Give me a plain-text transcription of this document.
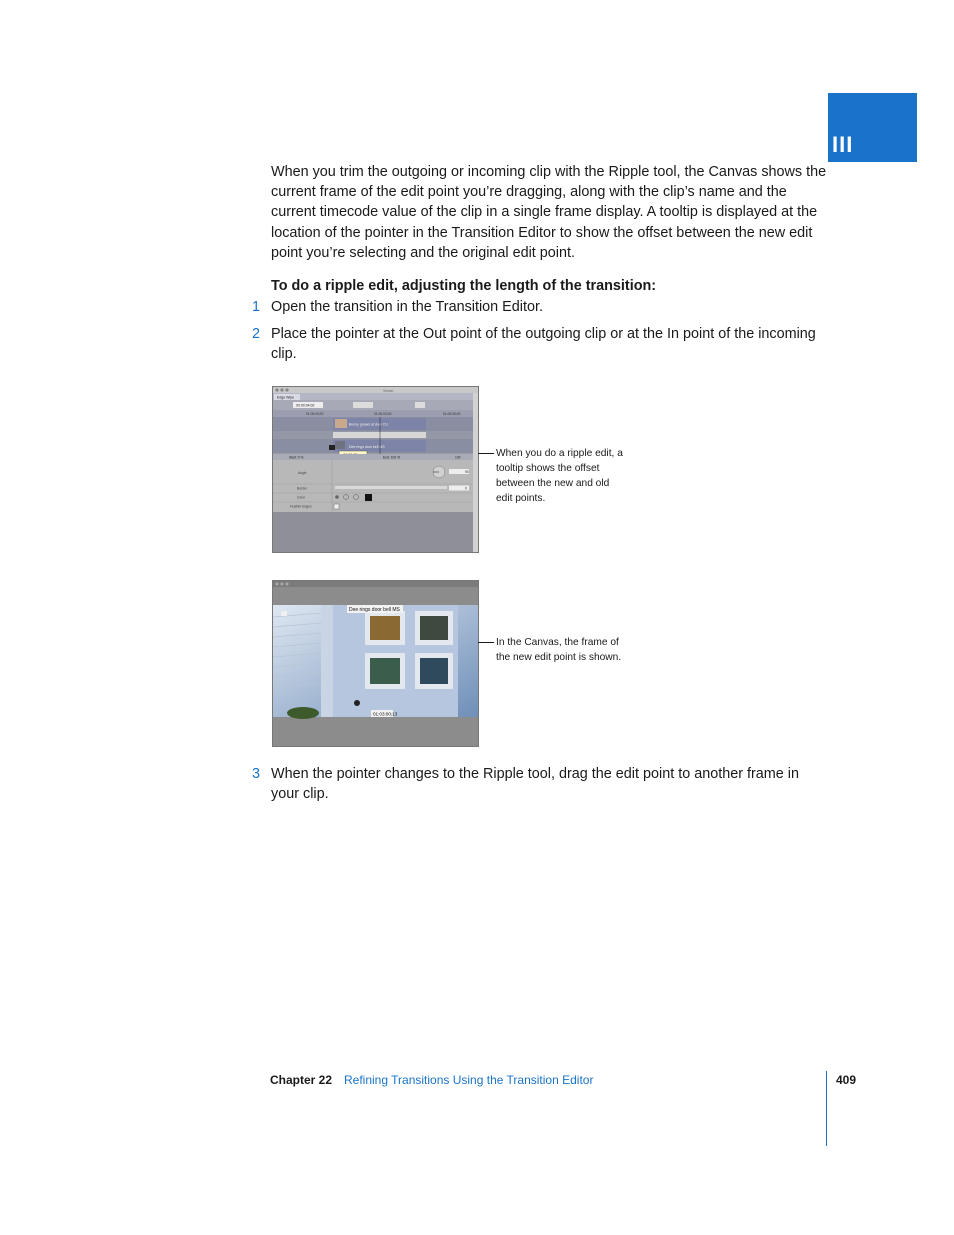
III
When you trim the outgoing or incoming clip with the Ripple tool, the Canvas shows the current frame of the edit point you’re dragging, along with the clip’s name and the current timecode value of the clip in a single frame display. A tooltip is displayed at the location of the pointer in the Transition Editor to show the offset between the new edit point you’re selecting and the original edit point.
To do a ripple edit, adjusting the length of the transition:
1 Open the transition in the Transition Editor.
2 Place the pointer at the Out point of the outgoing clip or at the In point of the incoming clip.
Viewer
Edge Wipe
00:00:04;02
01:00:00;00	01:00:03;00	01:00:06;00
Bunny gnaws at door CU
Dee rings door bell MS
Start: 0 %	End: 100 %	100
Angle	90
Border	0
Color
Feather Edges
When you do a ripple edit, a tooltip shows the offset between the new and old edit points.
Dee rings door bell MS
01:03:00;13
In the Canvas, the frame of the new edit point is shown.
3 When the pointer changes to the Ripple tool, drag the edit point to another frame in your clip.
Chapter 22 Refining Transitions Using the Transition Editor	409
